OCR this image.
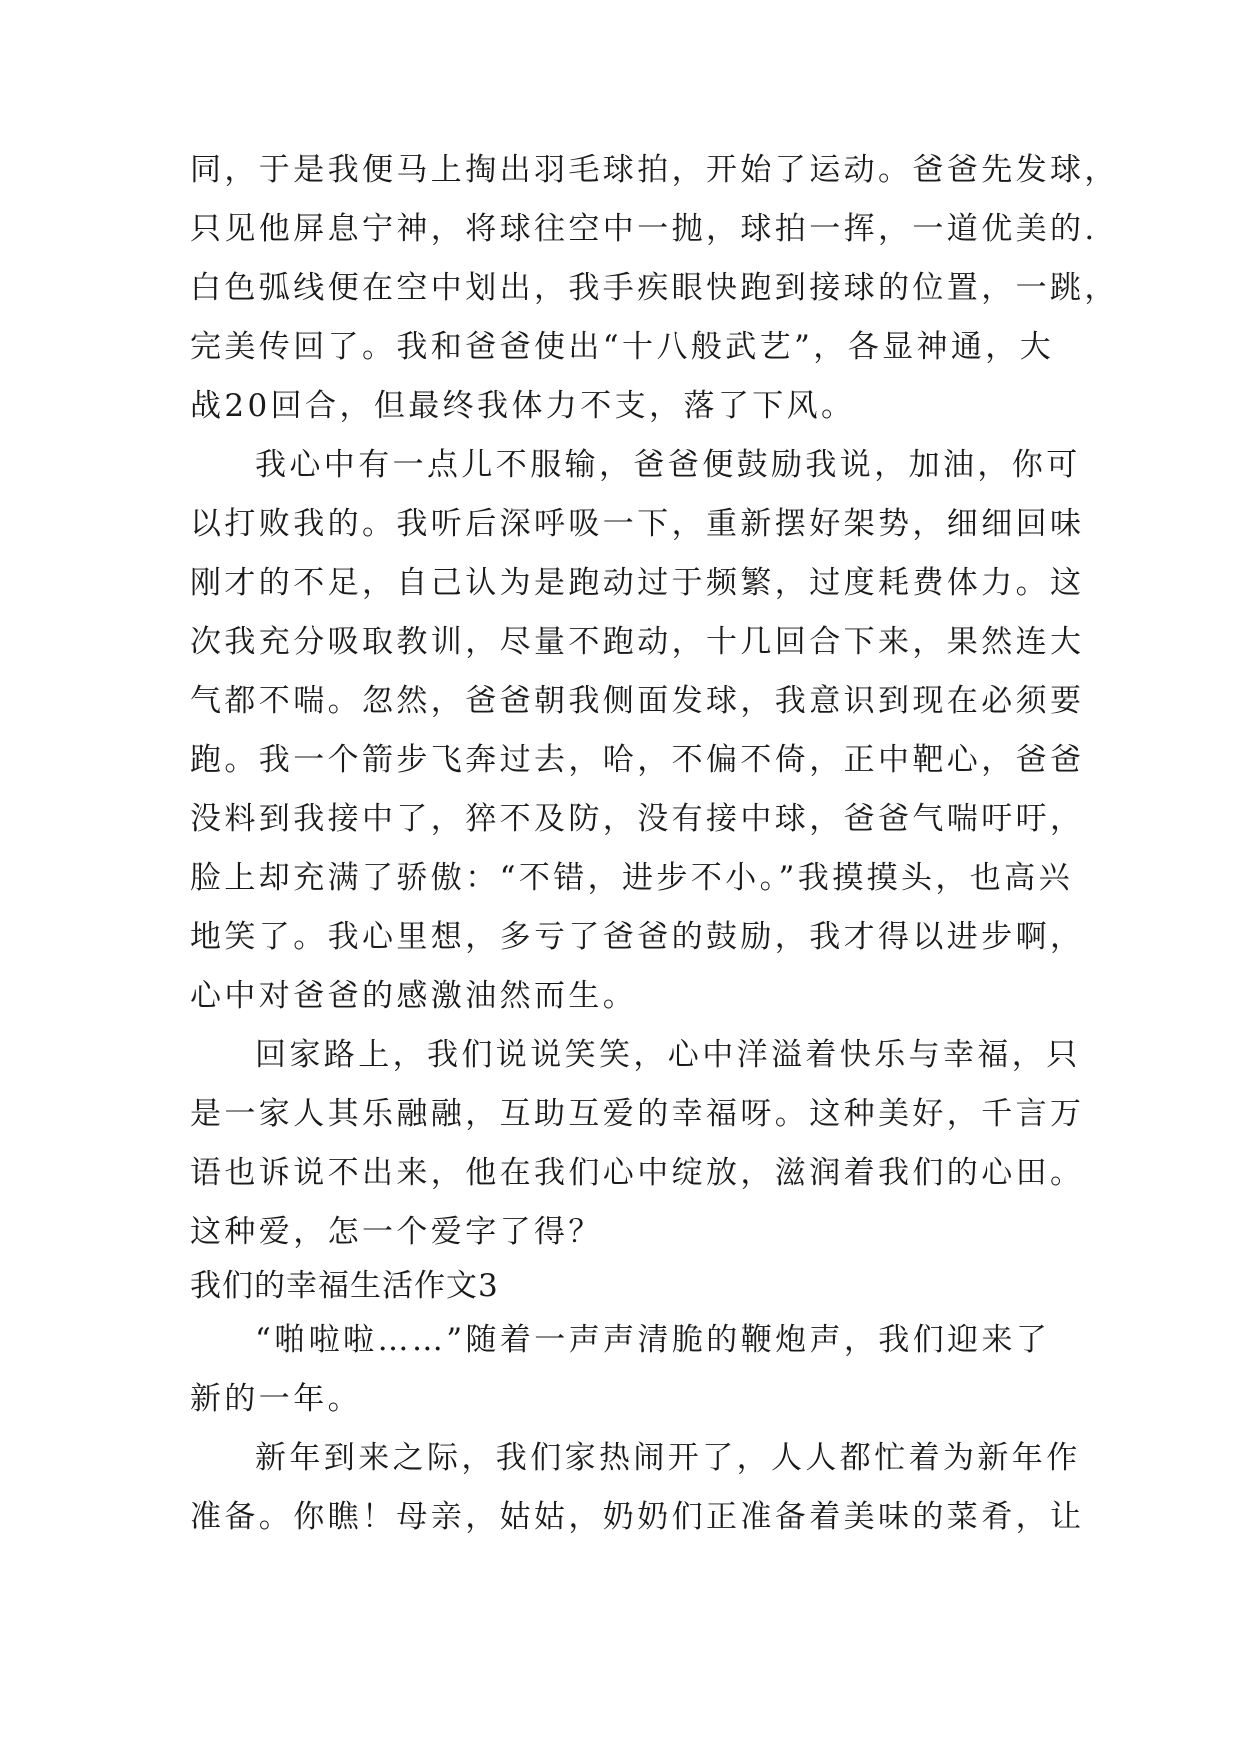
同，于是我便马上掏出羽毛球拍，开始了运动。爸爸先发球，
只见他屏息宁神，将球往空中一抛，球拍一挥，一道优美的.
白色弧线便在空中划出，我手疾眼快跑到接球的位置，一跳，
完美传回了。我和爸爸使出“十八般武艺”，各显神通，大
战20回合，但最终我体力不支，落了下风。
我心中有一点儿不服输，爸爸便鼓励我说，加油，你可
以打败我的。我听后深呼吸一下，重新摆好架势，细细回味
刚才的不足，自己认为是跑动过于频繁，过度耗费体力。这
次我充分吸取教训，尽量不跑动，十几回合下来，果然连大
气都不喘。忽然，爸爸朝我侧面发球，我意识到现在必须要
跑。我一个箭步飞奔过去，哈，不偏不倚，正中靶心，爸爸
没料到我接中了，猝不及防，没有接中球，爸爸气喘吁吁，
脸上却充满了骄傲：“不错，进步不小。”我摸摸头，也高兴
地笑了。我心里想，多亏了爸爸的鼓励，我才得以进步啊，
心中对爸爸的感激油然而生。
回家路上，我们说说笑笑，心中洋溢着快乐与幸福，只
是一家人其乐融融，互助互爱的幸福呀。这种美好，千言万
语也诉说不出来，他在我们心中绽放，滋润着我们的心田。
这种爱，怎一个爱字了得？
我们的幸福生活作文3
“啪啦啦……”随着一声声清脆的鞭炮声，我们迎来了
新的一年。
新年到来之际，我们家热闹开了，人人都忙着为新年作
准备。你瞧！母亲，姑姑，奶奶们正准备着美味的菜肴，让
